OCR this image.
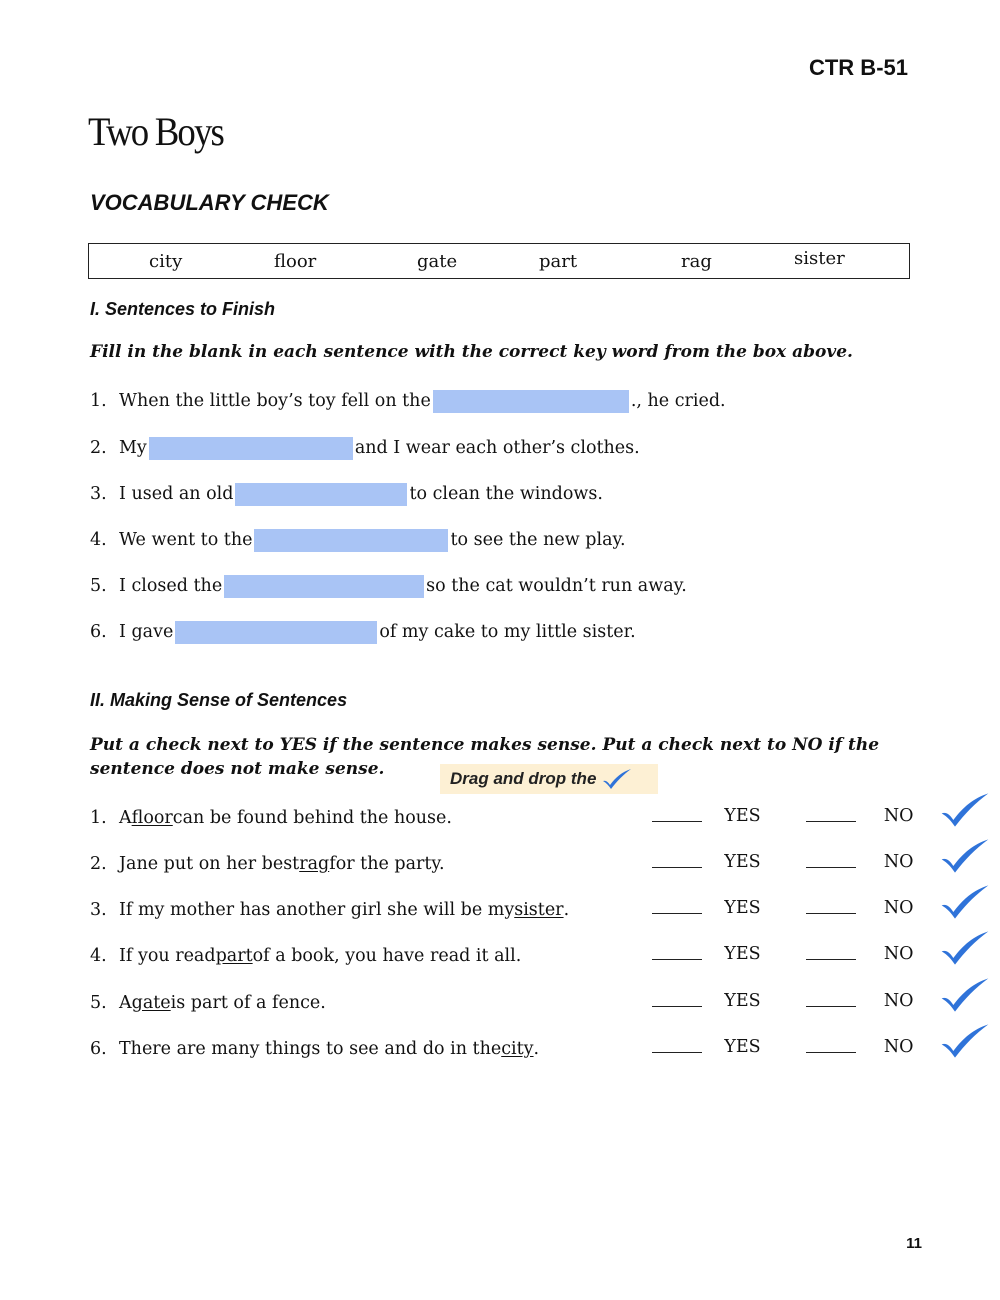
CTR B-51
Two Boys
VOCABULARY CHECK
city	floor	gate	part	rag	sister
I. Sentences to Finish
Fill in the blank in each sentence with the correct key word from the box above.
1. When the little boy’s toy fell on the	., he cried.
2. My	and I wear each other’s clothes.
3. I used an old	to clean the windows.
4. We went to the	to see the new play.
5. I closed the	so the cat wouldn’t run away.
6. I gave	of my cake to my little sister.
II. Making Sense of Sentences
Put a check next to YES if the sentence makes sense. Put a check next to NO if the
sentence does not make sense.	Drag and drop the
1. A floor can be found behind the house.	YES	NO
2. Jane put on her best rag for the party.	YES	NO
3. If my mother has another girl she will be my sister .	YES	NO
4. If you read part of a book, you have read it all.	YES	NO
5. A gate is part of a fence.	YES	NO
6. There are many things to see and do in the city .	YES	NO
11
